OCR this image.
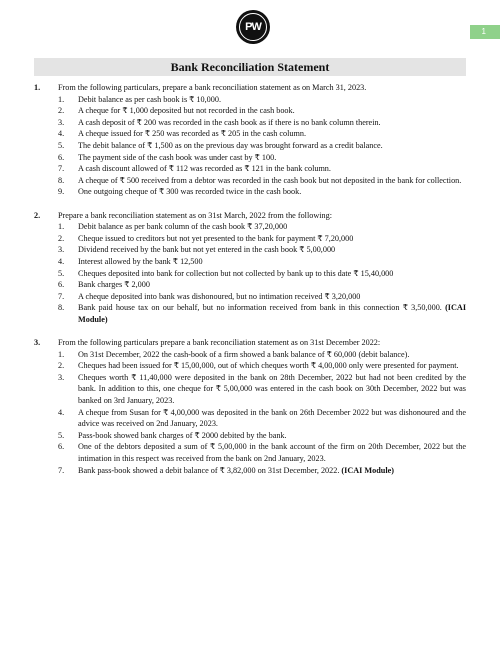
PW	1
Bank Reconciliation Statement
1.	From the following particulars, prepare a bank reconciliation statement as on March 31, 2023.
1.	Debit balance as per cash book is ₹ 10,000.
2.	A cheque for ₹ 1,000 deposited but not recorded in the cash book.
3.	A cash deposit of ₹ 200 was recorded in the cash book as if there is no bank column therein.
4.	A cheque issued for ₹ 250 was recorded as ₹ 205 in the cash column.
5.	The debit balance of ₹ 1,500 as on the previous day was brought forward as a credit balance.
6.	The payment side of the cash book was under cast by ₹ 100.
7.	A cash discount allowed of ₹ 112 was recorded as ₹ 121 in the bank column.
8.	A cheque of ₹ 500 received from a debtor was recorded in the cash book but not deposited in the bank for collection.
9.	One outgoing cheque of ₹ 300 was recorded twice in the cash book.
2.	Prepare a bank reconciliation statement as on 31st March, 2022 from the following:
1.	Debit balance as per bank column of the cash book ₹ 37,20,000
2.	Cheque issued to creditors but not yet presented to the bank for payment ₹ 7,20,000
3.	Dividend received by the bank but not yet entered in the cash book ₹ 5,00,000
4.	Interest allowed by the bank ₹ 12,500
5.	Cheques deposited into bank for collection but not collected by bank up to this date ₹ 15,40,000
6.	Bank charges ₹ 2,000
7.	A cheque deposited into bank was dishonoured, but no intimation received ₹ 3,20,000
8.	Bank paid house tax on our behalf, but no information received from bank in this connection ₹ 3,50,000. (ICAI Module)
3.	From the following particulars prepare a bank reconciliation statement as on 31st December 2022:
1.	On 31st December, 2022 the cash-book of a firm showed a bank balance of ₹ 60,000 (debit balance).
2.	Cheques had been issued for ₹ 15,00,000, out of which cheques worth ₹ 4,00,000 only were presented for payment.
3.	Cheques worth ₹ 11,40,000 were deposited in the bank on 28th December, 2022 but had not been credited by the bank. In addition to this, one cheque for ₹ 5,00,000 was entered in the cash book on 30th December, 2022 but was banked on 3rd January, 2023.
4.	A cheque from Susan for ₹ 4,00,000 was deposited in the bank on 26th December 2022 but was dishonoured and the advice was received on 2nd January, 2023.
5.	Pass-book showed bank charges of ₹ 2000 debited by the bank.
6.	One of the debtors deposited a sum of ₹ 5,00,000 in the bank account of the firm on 20th December, 2022 but the intimation in this respect was received from the bank on 2nd January, 2023.
7.	Bank pass-book showed a debit balance of ₹ 3,82,000 on 31st December, 2022. (ICAI Module)
